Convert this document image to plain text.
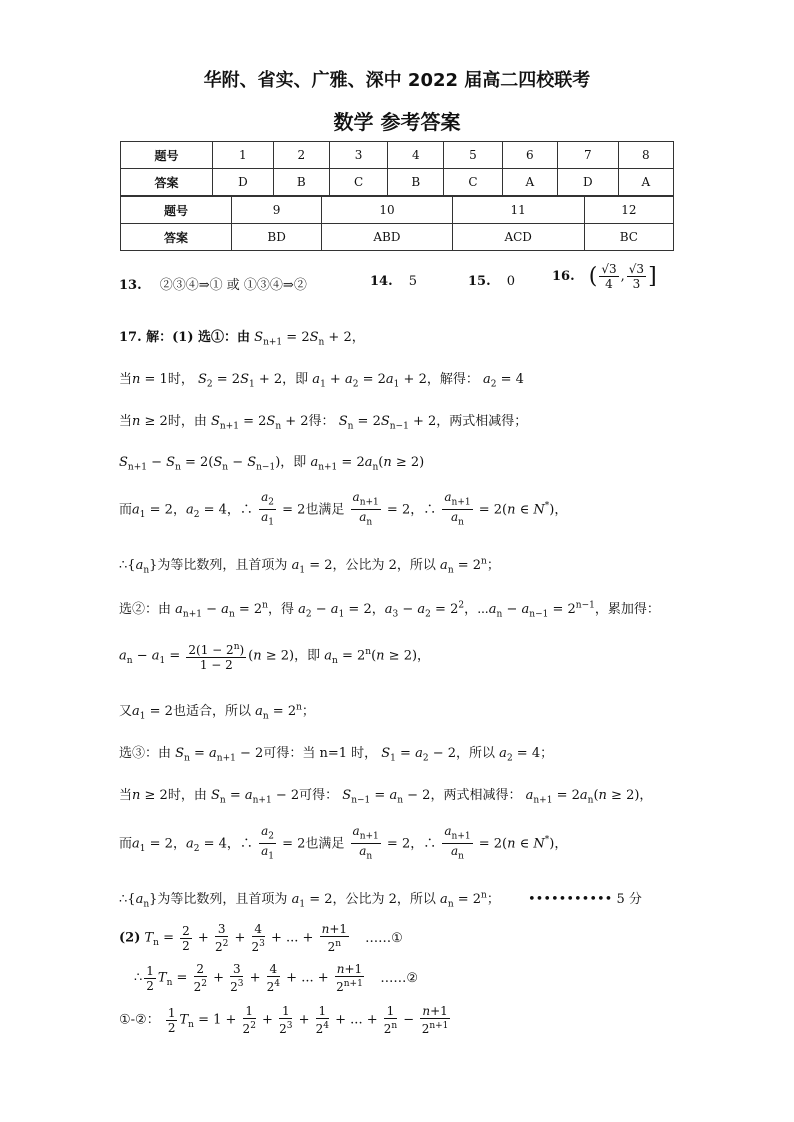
华附、省实、广雅、深中 2022 届高二四校联考
数学 参考答案
题号	1	2	3	4	5	6	7	8
答案	D	B	C	B	C	A	D	A
题号	9	10	11	12
答案	BD	ABD	ACD	BC
13. ②③④⇒① 或 ①③④⇒②	14. 5	15. 0	16. ( $\frac{√3}{4}$ , $\frac{√3}{3}$ ]
17. 解：(1) 选①：由 $S_{n+1} = 2S_n + 2$，
当n = 1时， $S_2 = 2S_1 + 2$，即 $a_1 + a_2 = 2a_1 + 2$，解得： $a_2 = 4$
当n ≥ 2时，由 $S_{n+1} = 2S_n + 2$得： $S_n = 2S_{n-1} + 2$，两式相减得；
$S_{n+1} - S_n = 2(S_n - S_{n-1})$，即 $a_{n+1} = 2a_n(n \ge 2)$
而$a_1 = 2$，$a_2 = 4$，∴ $\frac{a_2}{a_1} = 2$也满足 $\frac{a_{n+1}}{a_n} = 2$，∴ $\frac{a_{n+1}}{a_n} = 2(n$ ∈ N*)，
$\therefore\{a_n\}$为等比数列，且首项为 $a_1 = 2$，公比为 2，所以 $a_n = 2^n$；
选②：由 $a_{n+1} - a_n = 2^n$，得 $a_2 - a_1 = 2$，$a_3 - a_2 = 2^2$，$\cdots a_n - a_{n-1} = 2^{n-1}$，累加得：
$a_n - a_1 = \frac{2(1 - 2^n)}{1 - 2} (n \ge 2)$，即 $a_n = 2^n(n \ge 2)$，
又$a_1 = 2$也适合，所以 $a_n = 2^n$；
选③：由 $S_n = a_{n+1} - 2$可得：当 n=1 时， $S_1 = a_2 - 2$，所以 $a_2 = 4$；
当n ≥ 2时，由 $S_n = a_{n+1} - 2$可得： $S_{n-1} = a_n - 2$，两式相减得： $a_{n+1} = 2a_n(n \ge 2)$，
而$a_1 = 2$，$a_2 = 4$，∴ $\frac{a_2}{a_1} = 2$也满足 $\frac{a_{n+1}}{a_n} = 2$，∴ $\frac{a_{n+1}}{a_n} = 2(n$ ∈ N*)，
$\therefore\{a_n\}$为等比数列，且首项为 $a_1 = 2$，公比为 2，所以 $a_n = 2^n$； ••••••••••• 5 分
(2) $T_n = \frac{2}{2} + \frac{3}{2^2} + \frac{4}{2^3}$ + ... + $\frac{n+1}{2^n}$ ……①
∴ $\frac{1}{2} T_n = \frac{2}{2^2} + \frac{3}{2^3} + \frac{4}{2^4}$ + ... + $\frac{n+1}{2^{n+1}}$ ……②
①-②： $\frac{1}{2} T_n = 1 + \frac{1}{2^2} + \frac{1}{2^3} + \frac{1}{2^4}$ + ... + $\frac{1}{2^n} - \frac{n+1}{2^{n+1}}$
